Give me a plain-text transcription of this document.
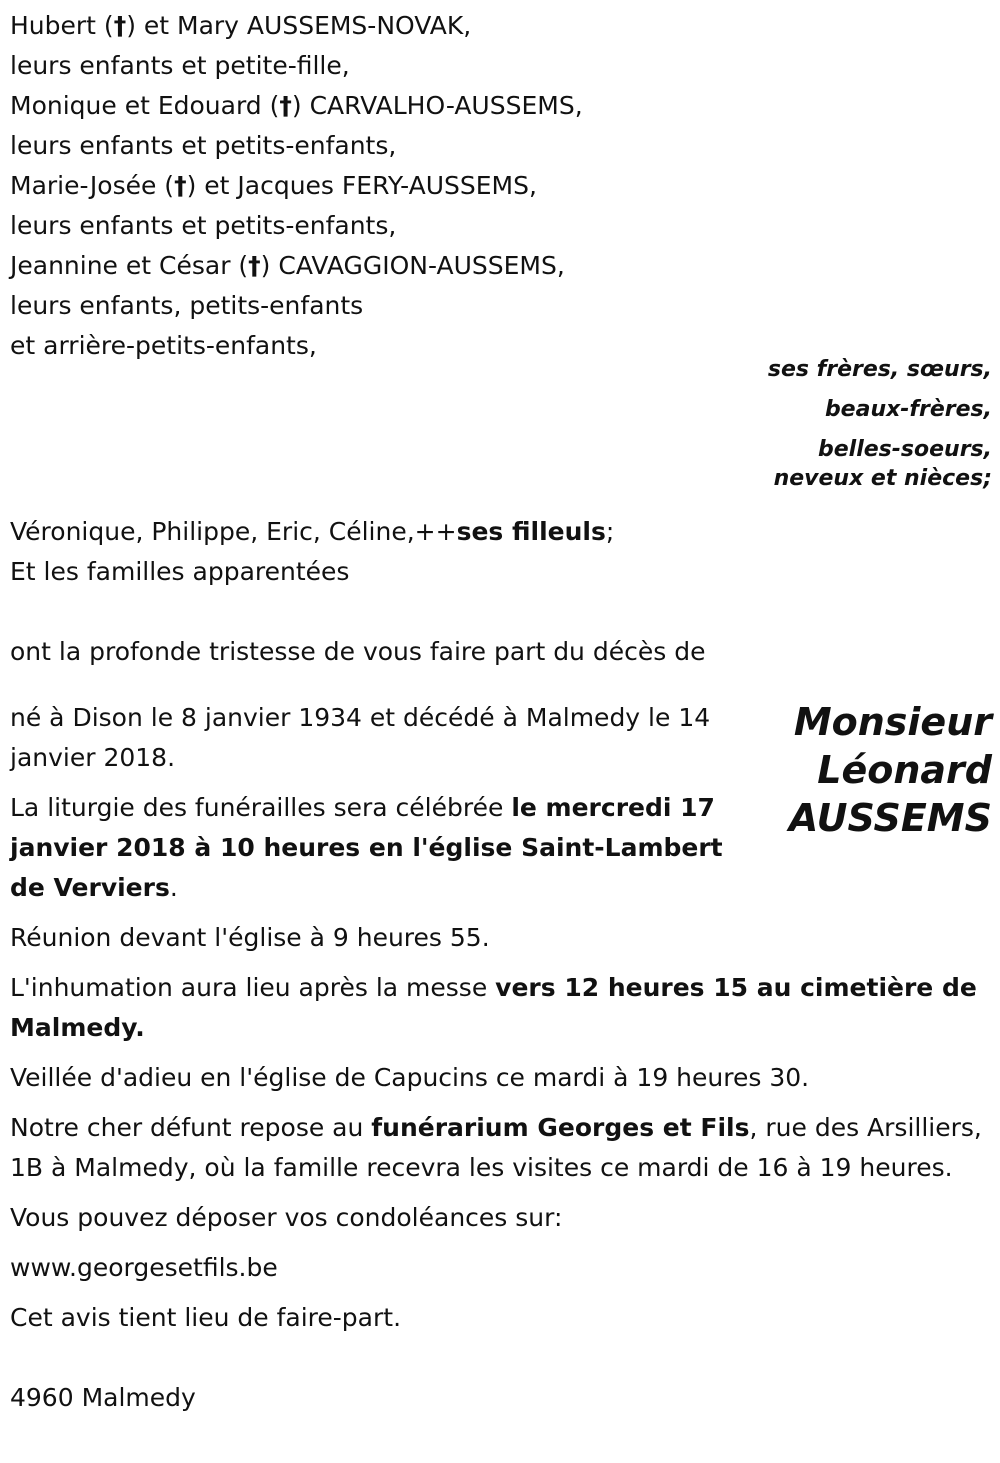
Hubert (†) et Mary AUSSEMS-NOVAK,

leurs enfants et petite-fille,

Monique et Edouard (†) CARVALHO-AUSSEMS,

leurs enfants et petits-enfants,

Marie-Josée (†) et Jacques FERY-AUSSEMS,

leurs enfants et petits-enfants,

Jeannine et César (†) CAVAGGION-AUSSEMS,

leurs enfants, petits-enfants

et arrière-petits-enfants,

ses frères, sœurs,
beaux-frères,
belles-soeurs,
neveux et nièces;

Véronique, Philippe, Eric, Céline,++ses filleuls;

Et les familles apparentées

ont la profonde tristesse de vous faire part du décès de

Monsieur
Léonard
AUSSEMS

né à Dison le 8 janvier 1934 et décédé à Malmedy le 14 janvier 2018.

La liturgie des funérailles sera célébrée le mercredi 17 janvier 2018 à 10 heures en l'église Saint-Lambert de Verviers.

Réunion devant l'église à 9 heures 55.

L'inhumation aura lieu après la messe vers 12 heures 15 au cimetière de Malmedy.

Veillée d'adieu en l'église de Capucins ce mardi à 19 heures 30.

Notre cher défunt repose au funérarium Georges et Fils, rue des Arsilliers, 1B à Malmedy, où la famille recevra les visites ce mardi de 16 à 19 heures.

Vous pouvez déposer vos condoléances sur:

www.georgesetfils.be

Cet avis tient lieu de faire-part.

4960 Malmedy
